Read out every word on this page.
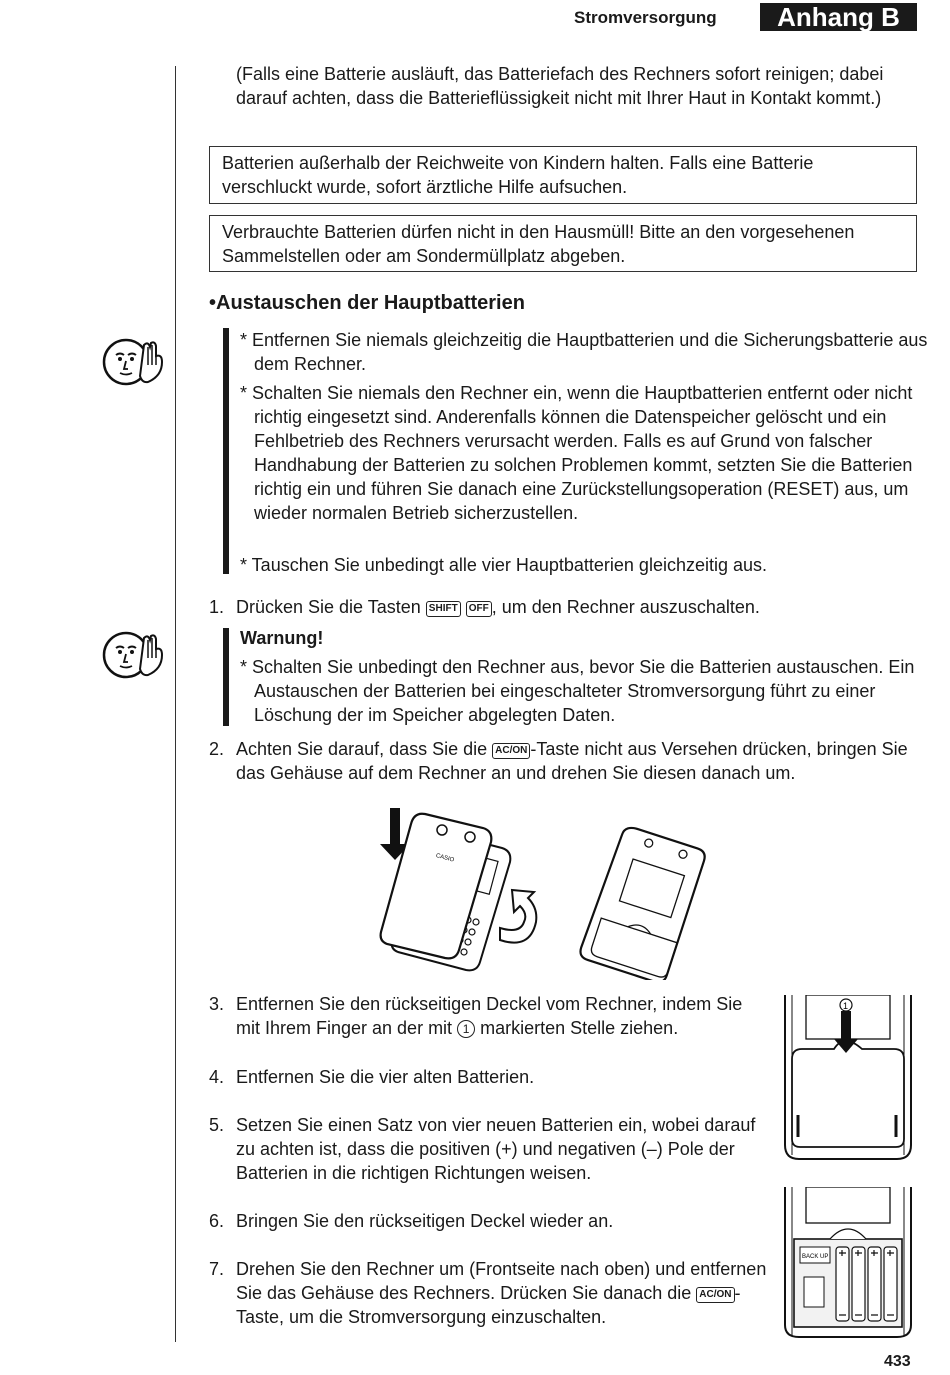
Stromversorgung	Anhang B
(Falls eine Batterie ausläuft, das Batteriefach des Rechners sofort reinigen; dabei darauf achten, dass die Batterieflüssigkeit nicht mit Ihrer Haut in Kontakt kommt.)
Batterien außerhalb der Reichweite von Kindern halten. Falls eine Batterie verschluckt wurde, sofort ärztliche Hilfe aufsuchen.
Verbrauchte Batterien dürfen nicht in den Hausmüll! Bitte an den vorgesehenen Sammelstellen oder am Sondermüllplatz abgeben.
•Austauschen der Hauptbatterien
* Entfernen Sie niemals gleichzeitig die Hauptbatterien und die Sicherungsbatterie aus dem Rechner.
* Schalten Sie niemals den Rechner ein, wenn die Hauptbatterien entfernt oder nicht richtig eingesetzt sind. Anderenfalls können die Datenspeicher gelöscht und ein Fehlbetrieb des Rechners verursacht werden. Falls es auf Grund von falscher Handhabung der Batterien zu solchen Problemen kommt, setzten Sie die Batterien richtig ein und führen Sie danach eine Zurückstellungsoperation (RESET) aus, um wieder normalen Betrieb sicherzustellen.
* Tauschen Sie unbedingt alle vier Hauptbatterien gleichzeitig aus.
1. Drücken Sie die Tasten SHIFT OFF , um den Rechner auszuschalten.
Warnung!
* Schalten Sie unbedingt den Rechner aus, bevor Sie die Batterien austauschen. Ein Austauschen der Batterien bei eingeschalteter Stromversorgung führt zu einer Löschung der im Speicher abgelegten Daten.
2. Achten Sie darauf, dass Sie die AC/ON -Taste nicht aus Versehen drücken, bringen Sie das Gehäuse auf dem Rechner an und drehen Sie diesen danach um.
CASIO
3. Entfernen Sie den rückseitigen Deckel vom Rechner, indem Sie mit Ihrem Finger an der mit 1 markierten Stelle ziehen.
4. Entfernen Sie die vier alten Batterien.
5. Setzen Sie einen Satz von vier neuen Batterien ein, wobei darauf zu achten ist, dass die positiven (+) und negativen (–) Pole der Batterien in die richtigen Richtungen weisen.
6. Bringen Sie den rückseitigen Deckel wieder an.
7. Drehen Sie den Rechner um (Frontseite nach oben) und entfernen Sie das Gehäuse des Rechners. Drücken Sie danach die AC/ON -Taste, um die Stromversorgung einzuschalten.
1
BACK UP
433
